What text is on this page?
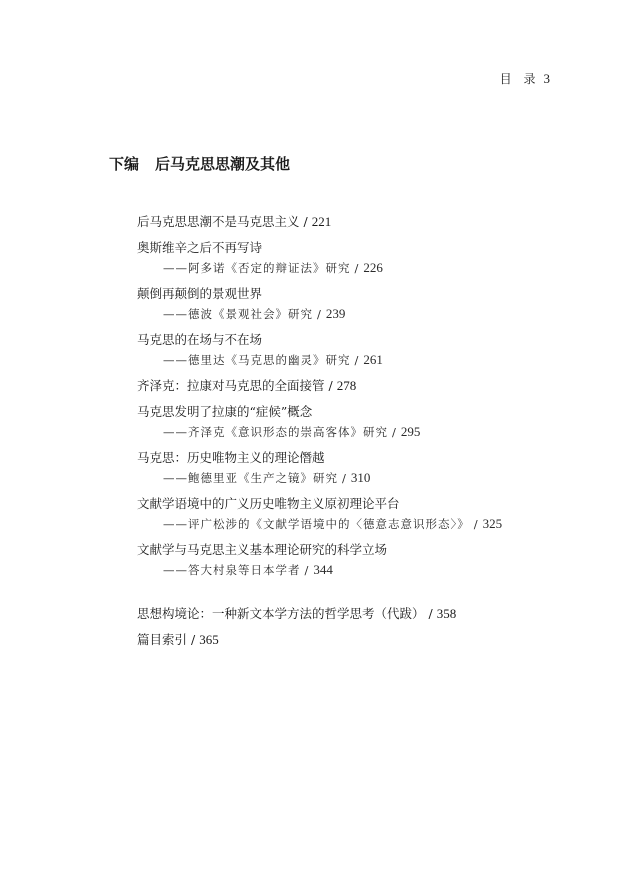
目 录 3
下编 后马克思思潮及其他
后马克思思潮不是马克思主义 / 221
奥斯维辛之后不再写诗
——阿多诺《否定的辩证法》研究 / 226
颠倒再颠倒的景观世界
——德波《景观社会》研究 / 239
马克思的在场与不在场
——德里达《马克思的幽灵》研究 / 261
齐泽克：拉康对马克思的全面接管 / 278
马克思发明了拉康的“症候”概念
——齐泽克《意识形态的崇高客体》研究 / 295
马克思：历史唯物主义的理论僭越
——鲍德里亚《生产之镜》研究 / 310
文献学语境中的广义历史唯物主义原初理论平台
——评广松涉的《文献学语境中的〈德意志意识形态〉》 / 325
文献学与马克思主义基本理论研究的科学立场
——答大村泉等日本学者 / 344
思想构境论：一种新文本学方法的哲学思考（代跋） / 358
篇目索引 / 365
